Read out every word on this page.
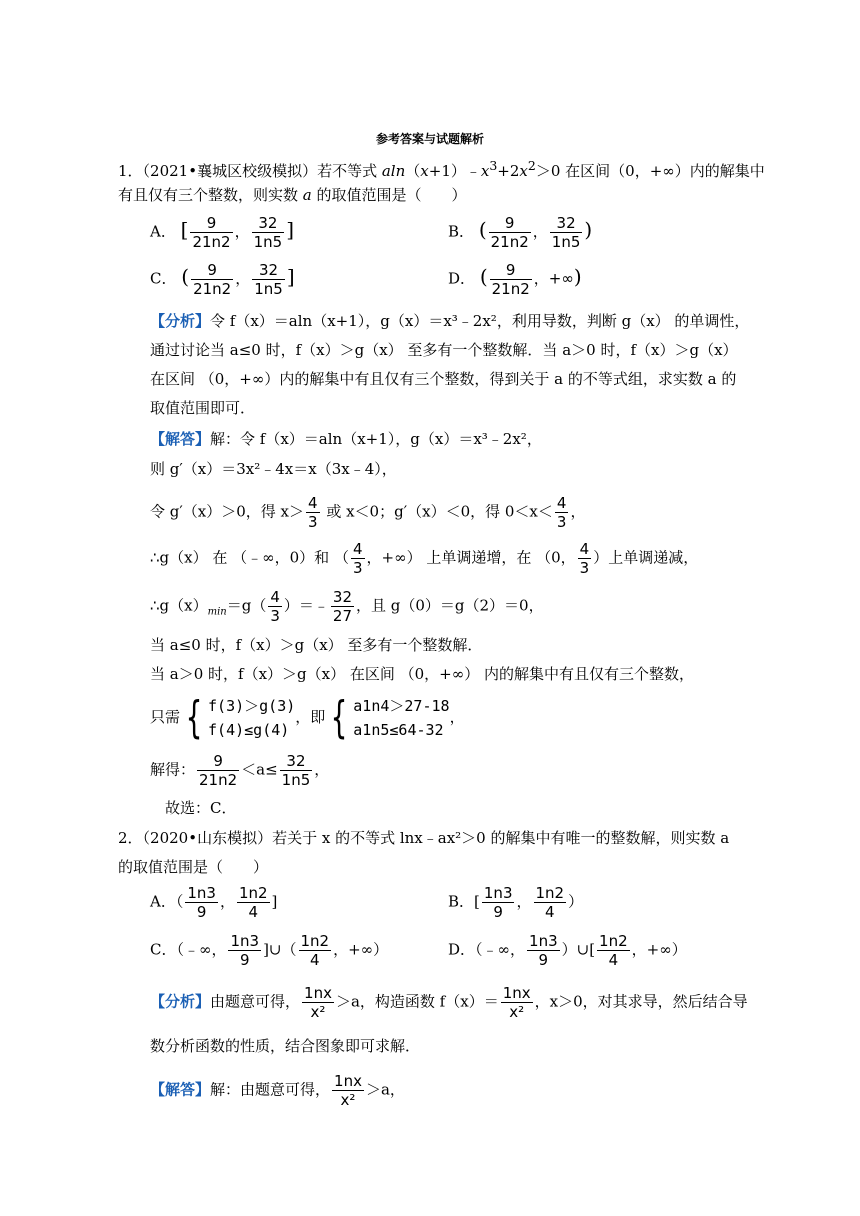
参考答案与试题解析
1．（2021•襄城区校级模拟）若不等式 $aln(x+1)﹣x^3+2x^2>0$ 在区间（0，+∞）内的解集中
有且仅有三个整数，则实数 a 的取值范围是（　　）
A． [ $\frac{9}{21n2}$ ， $\frac{32}{1n5}$ ]	B． ( $\frac{9}{21n2}$ ， $\frac{32}{1n5}$ )
C． ( $\frac{9}{21n2}$ ， $\frac{32}{1n5}$ ]	D． ( $\frac{9}{21n2}$ ，+∞)
【分析】令 f（x）＝aln（x+1），g（x）＝x³﹣2x²，利用导数，判断 g（x） 的单调性，
通过讨论当 a≤0 时，f（x）＞g（x） 至多有一个整数解．当 a＞0 时，f（x）＞g（x）
在区间 （0，+∞）内的解集中有且仅有三个整数，得到关于 a 的不等式组，求实数 a 的
取值范围即可．
【解答】解：令 f（x）＝aln（x+1），g（x）＝x³﹣2x²，
则 g′（x）＝3x²﹣4x＝x（3x﹣4），
令 g′（x）＞0，得 $x> \frac{4}{3}$ 或 x＜0；g′（x）＜0，得 $0<x< \frac{4}{3}$ ，
∴g（x） 在 （﹣∞，0）和 （ $\frac{4}{3}$ ，+∞） 上单调递增，在 （0， $\frac{4}{3}$ ）上单调递减，
$\therefore g(x)_{min}=g( \frac{4}{3}$ ）＝﹣ $\frac{32}{27}$ ，且 g（0）＝g（2）＝0，
当 a≤0 时，f（x）＞g（x） 至多有一个整数解．
当 a＞0 时，f（x）＞g（x） 在区间 （0，+∞） 内的解集中有且仅有三个整数，
只需 { f(3)＞g(3)
f(4)≤g(4)
，即 { a1n4＞27-18
a1n5≤64-32
，
解得： $\frac{9}{21n2} <a\le \frac{32}{1n5}$ ，
故选：C．
2．（2020•山东模拟）若关于 x 的不等式 lnx﹣ax²＞0 的解集中有唯一的整数解，则实数 a
的取值范围是（　　）
A．（ $\frac{1n3}{9}$ ， $\frac{1n2}{4}$ ]	B．[ $\frac{1n3}{9}$ ， $\frac{1n2}{4}$ ）
C．（﹣∞， $\frac{1n3}{9}$ ]∪（ $\frac{1n2}{4}$ ，+∞）	D．（﹣∞， $\frac{1n3}{9}$ ）∪[ $\frac{1n2}{4}$ ，+∞）
【分析】由题意可得， $\frac{1nx}{\text{x²}} >a$，构造函数 $f(x)= \frac{1nx}{\text{x²}}$ ，x＞0，对其求导，然后结合导
数分析函数的性质，结合图象即可求解．
【解答】解：由题意可得， $\frac{1nx}{\text{x²}} >a$，
